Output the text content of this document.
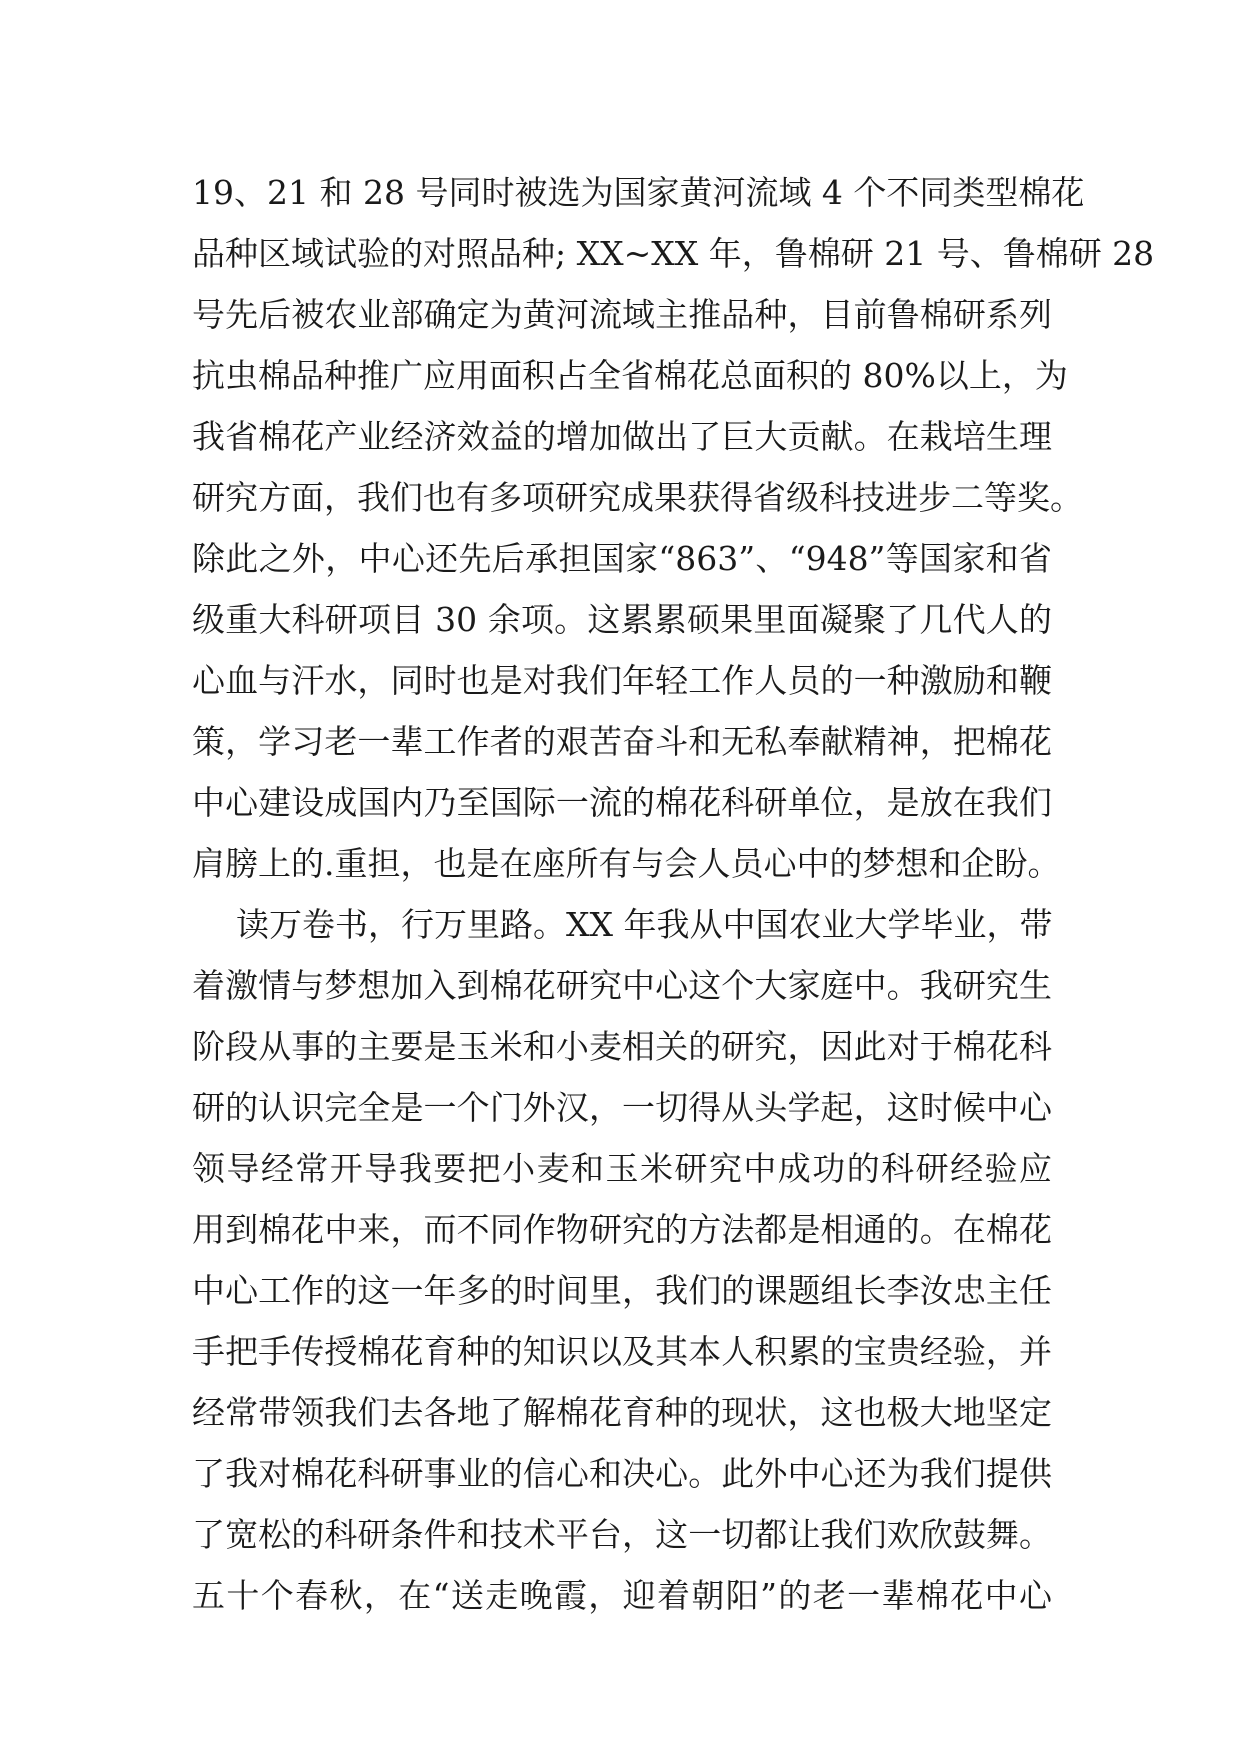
19、21 和 28 号同时被选为国家黄河流域 4 个不同类型棉花
品种区域试验的对照品种; XX~XX 年，鲁棉研 21 号、鲁棉研 28
号先后被农业部确定为黄河流域主推品种，目前鲁棉研系列
抗虫棉品种推广应用面积占全省棉花总面积的 80%以上，为
我省棉花产业经济效益的增加做出了巨大贡献。在栽培生理
研究方面，我们也有多项研究成果获得省级科技进步二等奖。
除此之外，中心还先后承担国家“863”、“948”等国家和省
级重大科研项目 30 余项。这累累硕果里面凝聚了几代人的
心血与汗水，同时也是对我们年轻工作人员的一种激励和鞭
策，学习老一辈工作者的艰苦奋斗和无私奉献精神，把棉花
中心建设成国内乃至国际一流的棉花科研单位，是放在我们
肩膀上的.重担，也是在座所有与会人员心中的梦想和企盼。
读万卷书，行万里路。XX 年我从中国农业大学毕业，带
着激情与梦想加入到棉花研究中心这个大家庭中。我研究生
阶段从事的主要是玉米和小麦相关的研究，因此对于棉花科
研的认识完全是一个门外汉，一切得从头学起，这时候中心
领导经常开导我要把小麦和玉米研究中成功的科研经验应
用到棉花中来，而不同作物研究的方法都是相通的。在棉花
中心工作的这一年多的时间里，我们的课题组长李汝忠主任
手把手传授棉花育种的知识以及其本人积累的宝贵经验，并
经常带领我们去各地了解棉花育种的现状，这也极大地坚定
了我对棉花科研事业的信心和决心。此外中心还为我们提供
了宽松的科研条件和技术平台，这一切都让我们欢欣鼓舞。
五十个春秋，在“送走晚霞，迎着朝阳”的老一辈棉花中心
